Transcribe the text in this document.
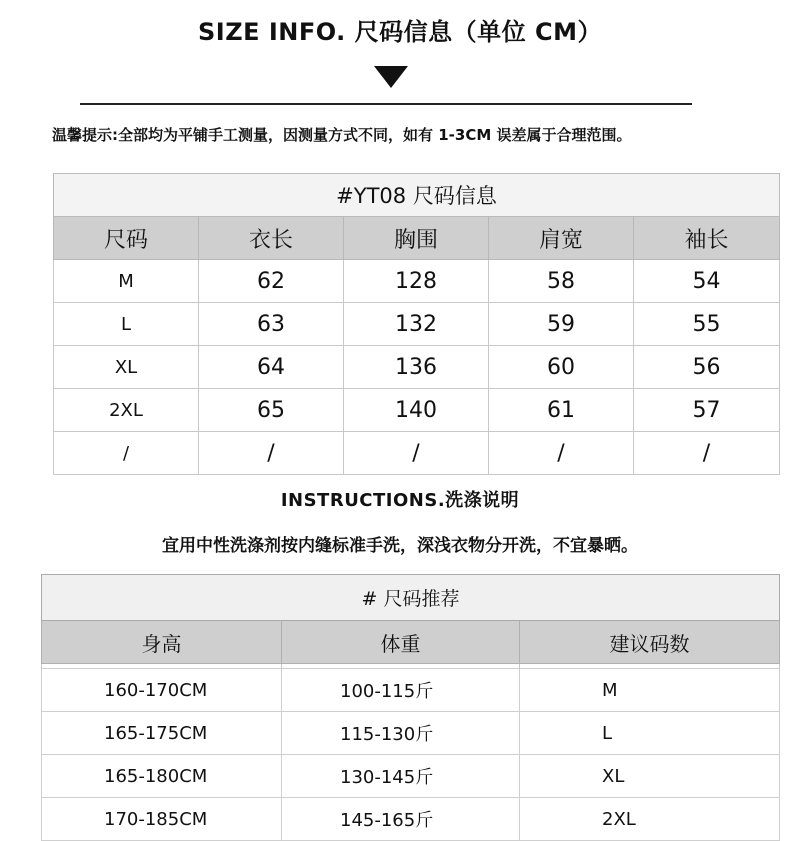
SIZE INFO. 尺码信息（单位 CM）
温馨提示:全部均为平铺手工测量，因测量方式不同，如有 1-3CM 误差属于合理范围。
#YT08 尺码信息				
尺码	衣长	胸围	肩宽	袖长
M	62	128	58	54
L	63	132	59	55
XL	64	136	60	56
2XL	65	140	61	57
/	/	/	/	/
INSTRUCTIONS.洗涤说明
宜用中性洗涤剂按内缝标准手洗，深浅衣物分开洗，不宜暴晒。
# 尺码推荐		
身高	体重	建议码数

160-170CM	100-115斤	M
165-175CM	115-130斤	L
165-180CM	130-145斤	XL
170-185CM	145-165斤	2XL
